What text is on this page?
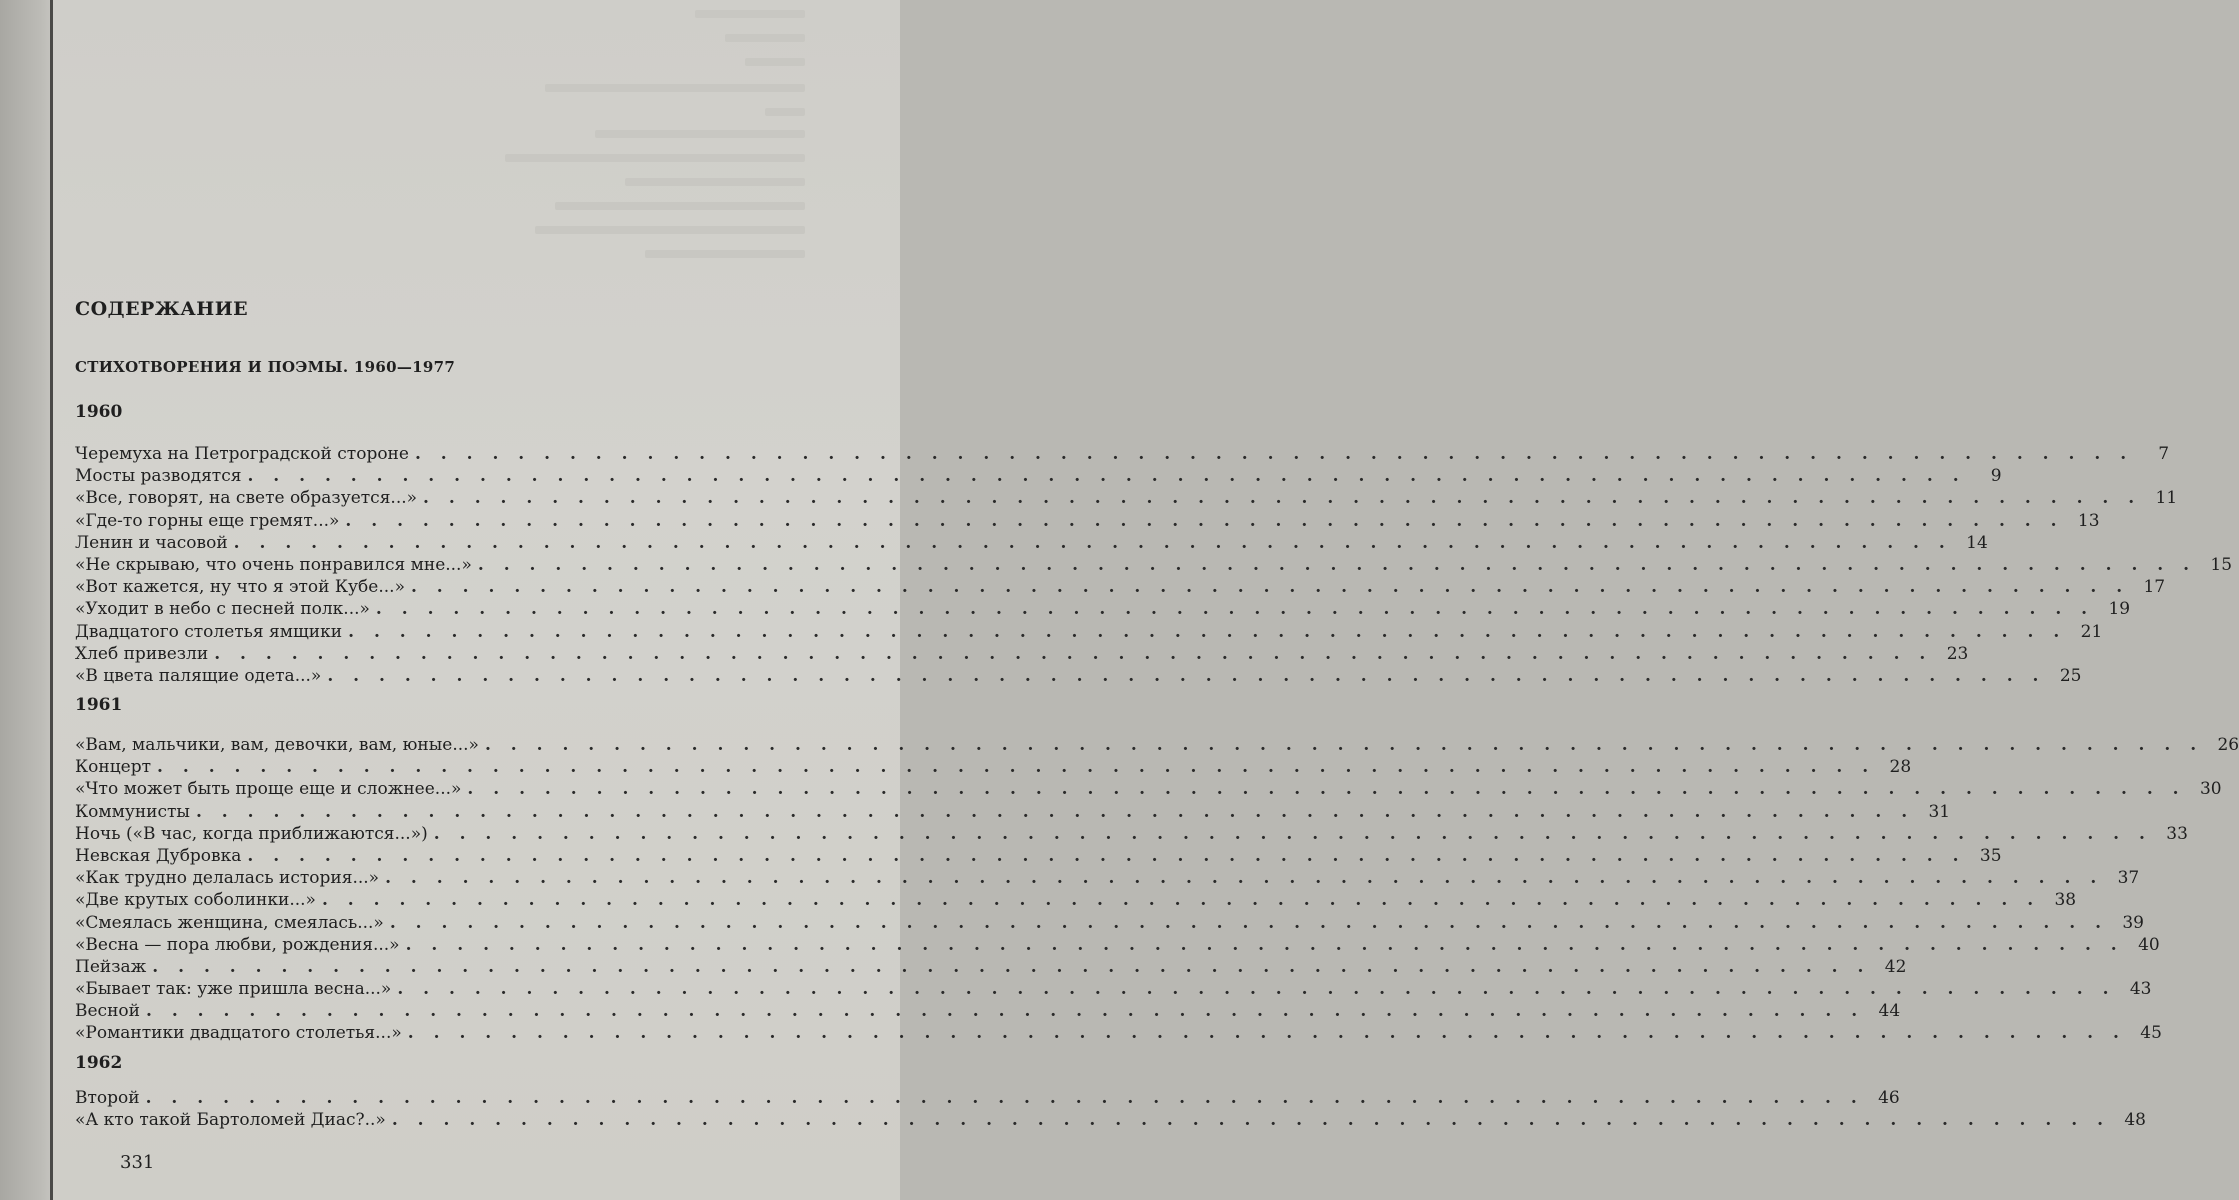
СОДЕРЖАНИЕ
СТИХОТВОРЕНИЯ И ПОЭМЫ. 1960—1977
1960
Черемуха на Петроградской стороне . . . . . . . . . . . . . . . . . . . . . . . . . . . . . . . . . . . . . . . . . . . . . . . . . . . . . . . . . . . . . . . . . . .	7
Мосты разводятся . . . . . . . . . . . . . . . . . . . . . . . . . . . . . . . . . . . . . . . . . . . . . . . . . . . . . . . . . . . . . . . . . . .	9
«Все, говорят, на свете образуется...» . . . . . . . . . . . . . . . . . . . . . . . . . . . . . . . . . . . . . . . . . . . . . . . . . . . . . . . . . . . . . . . . . . . 11
«Где-то горны еще гремят...» . . . . . . . . . . . . . . . . . . . . . . . . . . . . . . . . . . . . . . . . . . . . . . . . . . . . . . . . . . . . . . . . . . . 13
Ленин и часовой . . . . . . . . . . . . . . . . . . . . . . . . . . . . . . . . . . . . . . . . . . . . . . . . . . . . . . . . . . . . . . . . . . . 14
«Не скрываю, что очень понравился мне...» . . . . . . . . . . . . . . . . . . . . . . . . . . . . . . . . . . . . . . . . . . . . . . . . . . . . . . . . . . . . . . . . . . . 15
«Вот кажется, ну что я этой Кубе...» . . . . . . . . . . . . . . . . . . . . . . . . . . . . . . . . . . . . . . . . . . . . . . . . . . . . . . . . . . . . . . . . . . . 17
«Уходит в небо с песней полк...» . . . . . . . . . . . . . . . . . . . . . . . . . . . . . . . . . . . . . . . . . . . . . . . . . . . . . . . . . . . . . . . . . . . 19
Двадцатого столетья ямщики . . . . . . . . . . . . . . . . . . . . . . . . . . . . . . . . . . . . . . . . . . . . . . . . . . . . . . . . . . . . . . . . . . . 21
Хлеб привезли . . . . . . . . . . . . . . . . . . . . . . . . . . . . . . . . . . . . . . . . . . . . . . . . . . . . . . . . . . . . . . . . . . . 23
«В цвета палящие одета...» . . . . . . . . . . . . . . . . . . . . . . . . . . . . . . . . . . . . . . . . . . . . . . . . . . . . . . . . . . . . . . . . . . . 25
1961
«Вам, мальчики, вам, девочки, вам, юные...» . . . . . . . . . . . . . . . . . . . . . . . . . . . . . . . . . . . . . . . . . . . . . . . . . . . . . . . . . . . . . . . . . . . 26
Концерт . . . . . . . . . . . . . . . . . . . . . . . . . . . . . . . . . . . . . . . . . . . . . . . . . . . . . . . . . . . . . . . . . . . 28
«Что может быть проще еще и сложнее...» . . . . . . . . . . . . . . . . . . . . . . . . . . . . . . . . . . . . . . . . . . . . . . . . . . . . . . . . . . . . . . . . . . . 30
Коммунисты . . . . . . . . . . . . . . . . . . . . . . . . . . . . . . . . . . . . . . . . . . . . . . . . . . . . . . . . . . . . . . . . . . . 31
Ночь («В час, когда приближаются...») . . . . . . . . . . . . . . . . . . . . . . . . . . . . . . . . . . . . . . . . . . . . . . . . . . . . . . . . . . . . . . . . . . . 33
Невская Дубровка . . . . . . . . . . . . . . . . . . . . . . . . . . . . . . . . . . . . . . . . . . . . . . . . . . . . . . . . . . . . . . . . . . . 35
«Как трудно делалась история...» . . . . . . . . . . . . . . . . . . . . . . . . . . . . . . . . . . . . . . . . . . . . . . . . . . . . . . . . . . . . . . . . . . . 37
«Две крутых соболинки...» . . . . . . . . . . . . . . . . . . . . . . . . . . . . . . . . . . . . . . . . . . . . . . . . . . . . . . . . . . . . . . . . . . . 38
«Смеялась женщина, смеялась...» . . . . . . . . . . . . . . . . . . . . . . . . . . . . . . . . . . . . . . . . . . . . . . . . . . . . . . . . . . . . . . . . . . . 39
«Весна — пора любви, рождения...» . . . . . . . . . . . . . . . . . . . . . . . . . . . . . . . . . . . . . . . . . . . . . . . . . . . . . . . . . . . . . . . . . . . 40
Пейзаж . . . . . . . . . . . . . . . . . . . . . . . . . . . . . . . . . . . . . . . . . . . . . . . . . . . . . . . . . . . . . . . . . . . 42
«Бывает так: уже пришла весна...» . . . . . . . . . . . . . . . . . . . . . . . . . . . . . . . . . . . . . . . . . . . . . . . . . . . . . . . . . . . . . . . . . . . 43
Весной . . . . . . . . . . . . . . . . . . . . . . . . . . . . . . . . . . . . . . . . . . . . . . . . . . . . . . . . . . . . . . . . . . . 44
«Романтики двадцатого столетья...» . . . . . . . . . . . . . . . . . . . . . . . . . . . . . . . . . . . . . . . . . . . . . . . . . . . . . . . . . . . . . . . . . . . 45
1962
Второй . . . . . . . . . . . . . . . . . . . . . . . . . . . . . . . . . . . . . . . . . . . . . . . . . . . . . . . . . . . . . . . . . . . 46
«А кто такой Бартоломей Диас?..» . . . . . . . . . . . . . . . . . . . . . . . . . . . . . . . . . . . . . . . . . . . . . . . . . . . . . . . . . . . . . . . . . . . 48
331
